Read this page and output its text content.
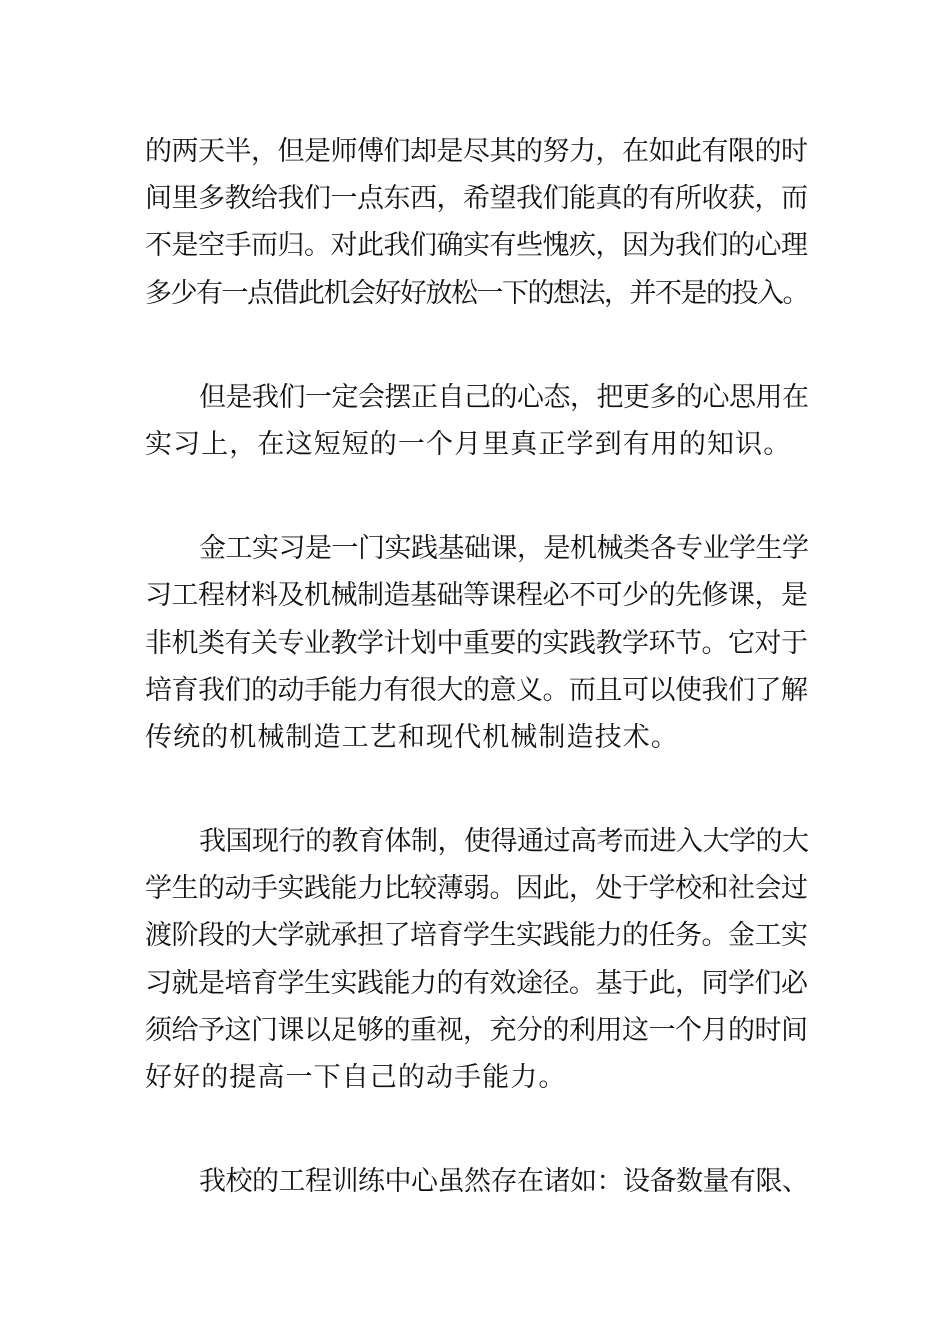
的两天半，但是师傅们却是尽其的努力，在如此有限的时
间里多教给我们一点东西，希望我们能真的有所收获，而
不是空手而归。对此我们确实有些愧疚，因为我们的心理
多少有一点借此机会好好放松一下的想法，并不是的投入。
但是我们一定会摆正自己的心态，把更多的心思用在
实习上，在这短短的一个月里真正学到有用的知识。
金工实习是一门实践基础课，是机械类各专业学生学
习工程材料及机械制造基础等课程必不可少的先修课，是
非机类有关专业教学计划中重要的实践教学环节。它对于
培育我们的动手能力有很大的意义。而且可以使我们了解
传统的机械制造工艺和现代机械制造技术。
我国现行的教育体制，使得通过高考而进入大学的大
学生的动手实践能力比较薄弱。因此，处于学校和社会过
渡阶段的大学就承担了培育学生实践能力的任务。金工实
习就是培育学生实践能力的有效途径。基于此，同学们必
须给予这门课以足够的重视，充分的利用这一个月的时间
好好的提高一下自己的动手能力。
我校的工程训练中心虽然存在诸如：设备数量有限、
